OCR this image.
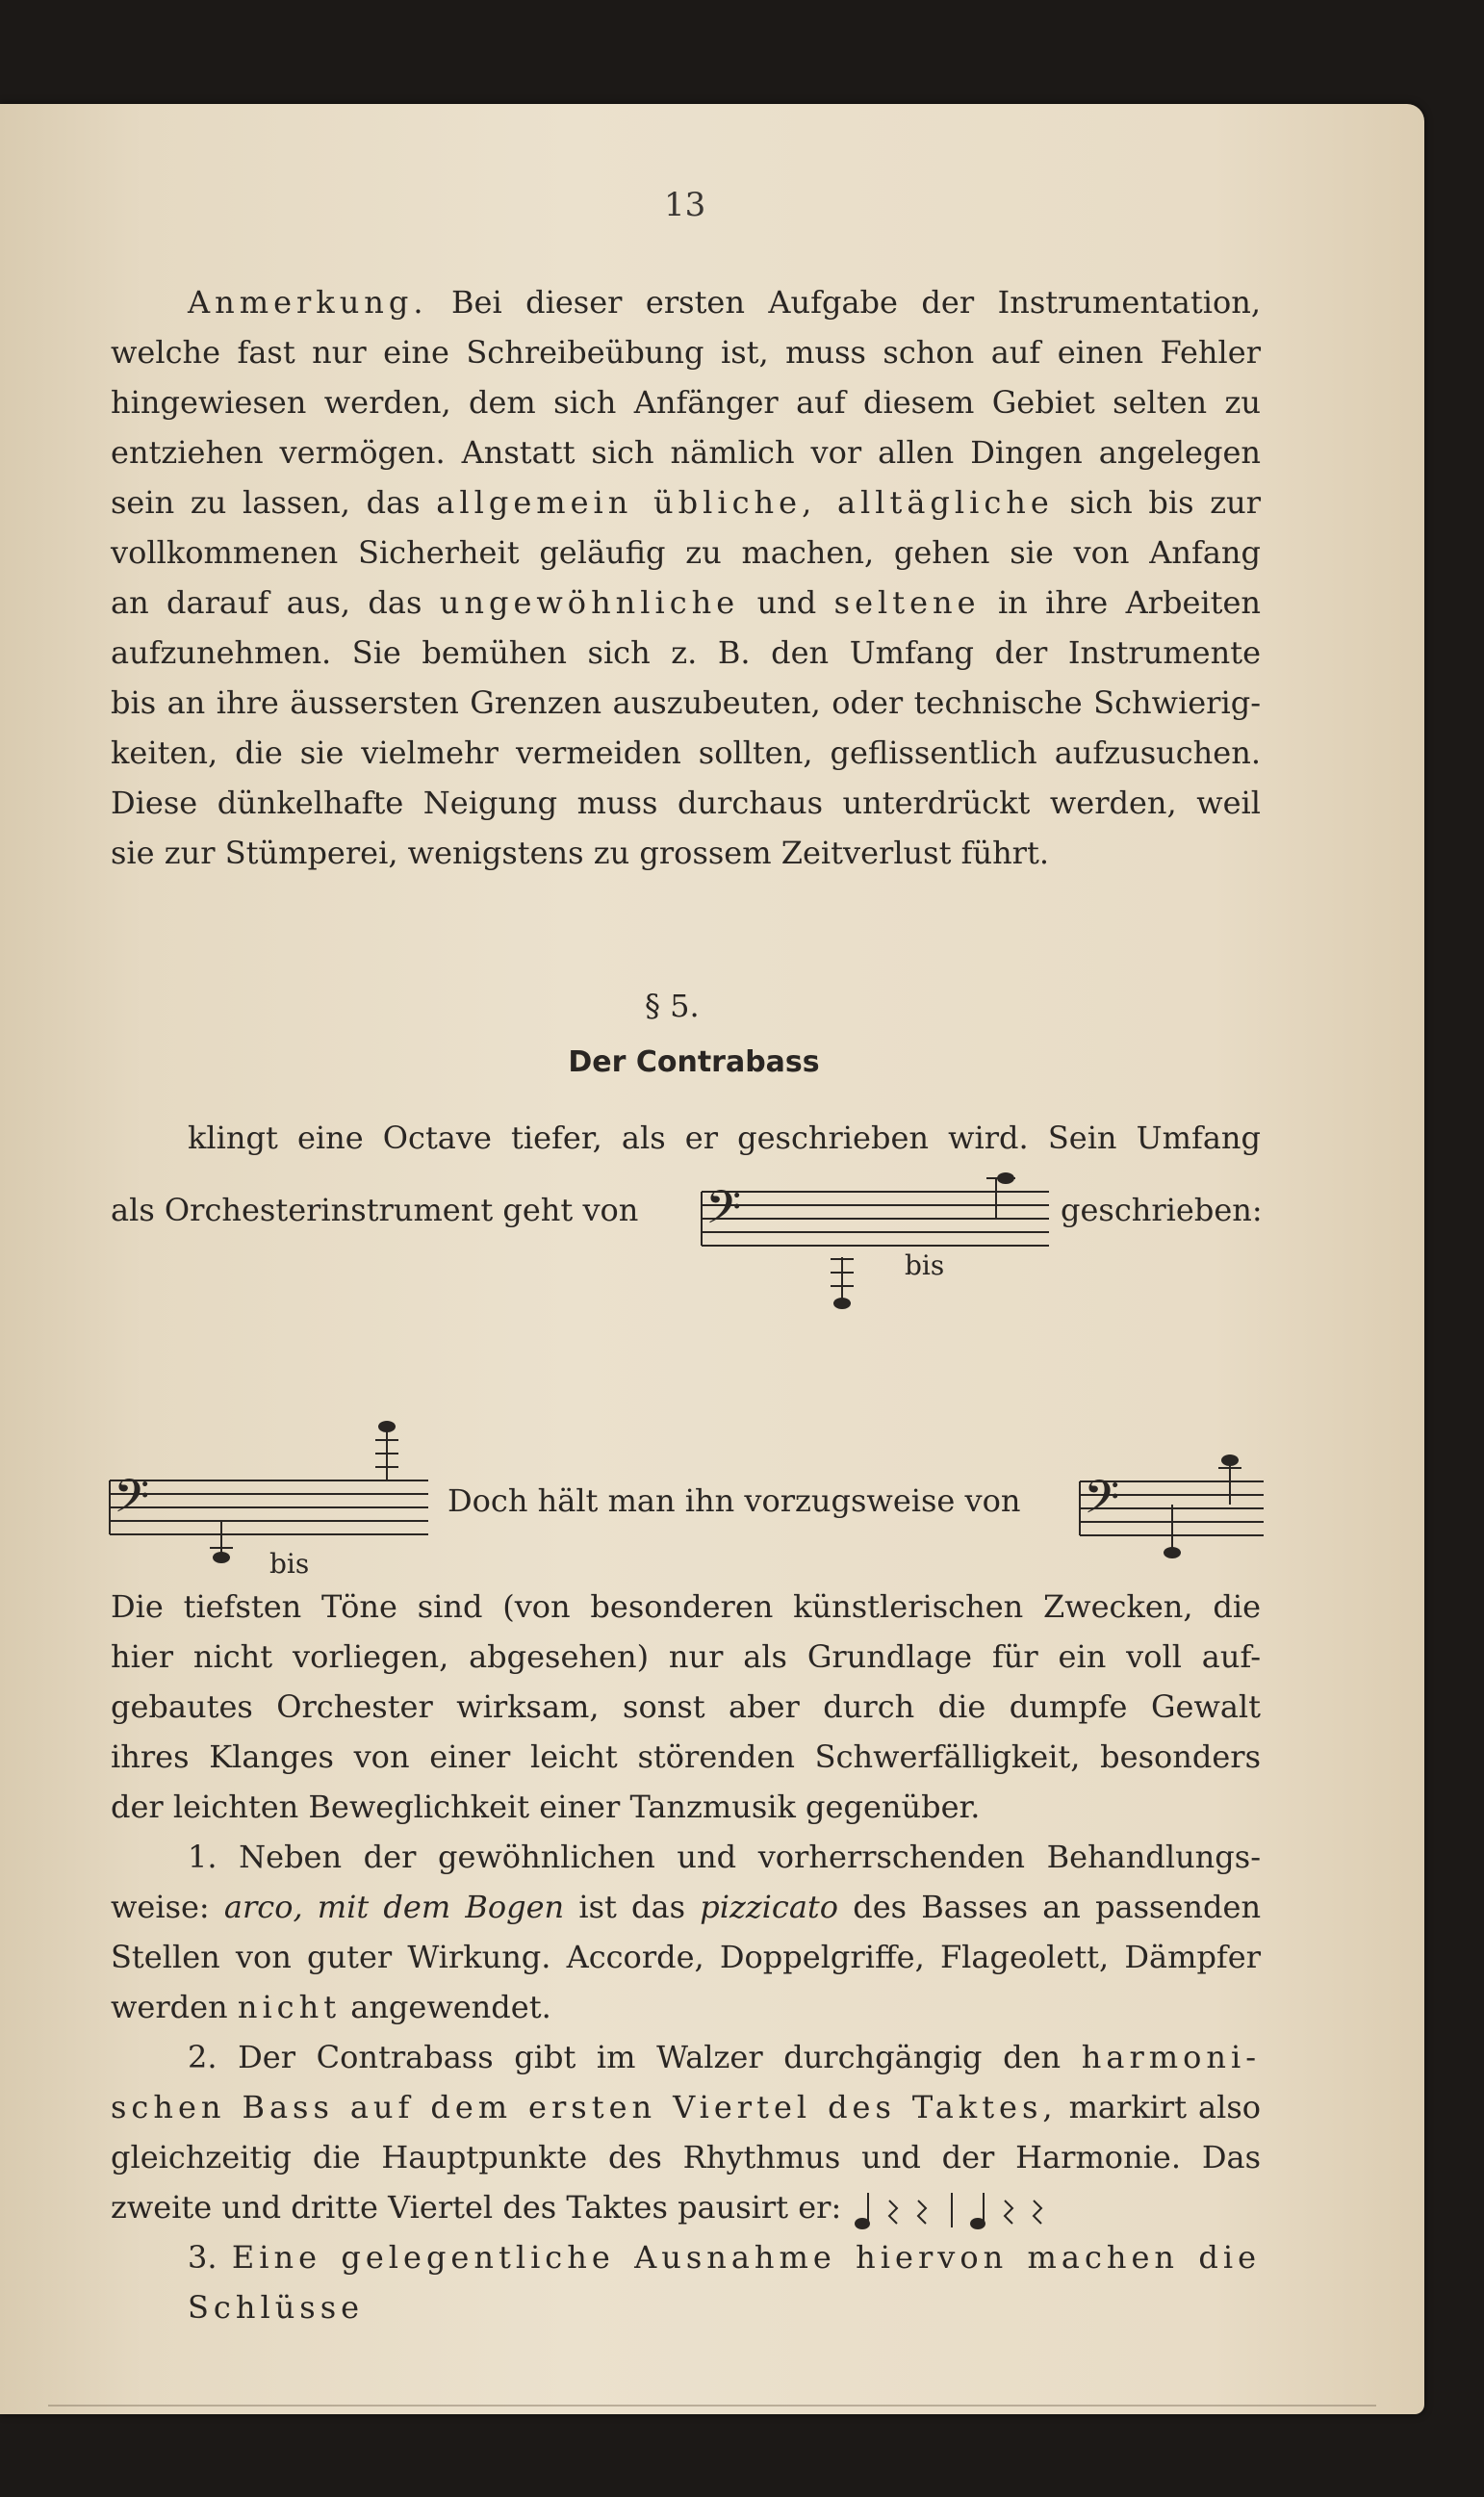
13

Anmerkung. Bei dieser ersten Aufgabe der Instrumentation,

welche fast nur eine Schreibeübung ist, muss schon auf einen Fehler

hingewiesen werden, dem sich Anfänger auf diesem Gebiet selten zu

entziehen vermögen. Anstatt sich nämlich vor allen Dingen angelegen

sein zu lassen, das allgemein übliche, alltägliche sich bis zur

vollkommenen Sicherheit geläufig zu machen, gehen sie von Anfang

an darauf aus, das ungewöhnliche und seltene in ihre Arbeiten

aufzunehmen. Sie bemühen sich z. B. den Umfang der Instrumente

bis an ihre äussersten Grenzen auszubeuten, oder technische Schwierig-

keiten, die sie vielmehr vermeiden sollten, geflissentlich aufzusuchen.

Diese dünkelhafte Neigung muss durchaus unterdrückt werden, weil

sie zur Stümperei, wenigstens zu grossem Zeitverlust führt.

§ 5.
Der Contrabass

klingt eine Octave tiefer, als er geschrieben wird. Sein Umfang

als Orchesterinstrument geht von	geschrieben:
𝄢
bis
𝄢
bis
Doch hält man ihn vorzugsweise von 𝄢

Die tiefsten Töne sind (von besonderen künstlerischen Zwecken, die

hier nicht vorliegen, abgesehen) nur als Grundlage für ein voll auf-

gebautes Orchester wirksam, sonst aber durch die dumpfe Gewalt

ihres Klanges von einer leicht störenden Schwerfälligkeit, besonders

der leichten Beweglichkeit einer Tanzmusik gegenüber.

1. Neben der gewöhnlichen und vorherrschenden Behandlungs-

weise: arco, mit dem Bogen ist das pizzicato des Basses an passenden

Stellen von guter Wirkung. Accorde, Doppelgriffe, Flageolett, Dämpfer

werden nicht angewendet.

2. Der Contrabass gibt im Walzer durchgängig den harmoni-

schen Bass auf dem ersten Viertel des Taktes, markirt also

gleichzeitig die Hauptpunkte des Rhythmus und der Harmonie. Das

zweite und dritte Viertel des Taktes pausirt er:

3. Eine gelegentliche Ausnahme hiervon machen die Schlüsse
